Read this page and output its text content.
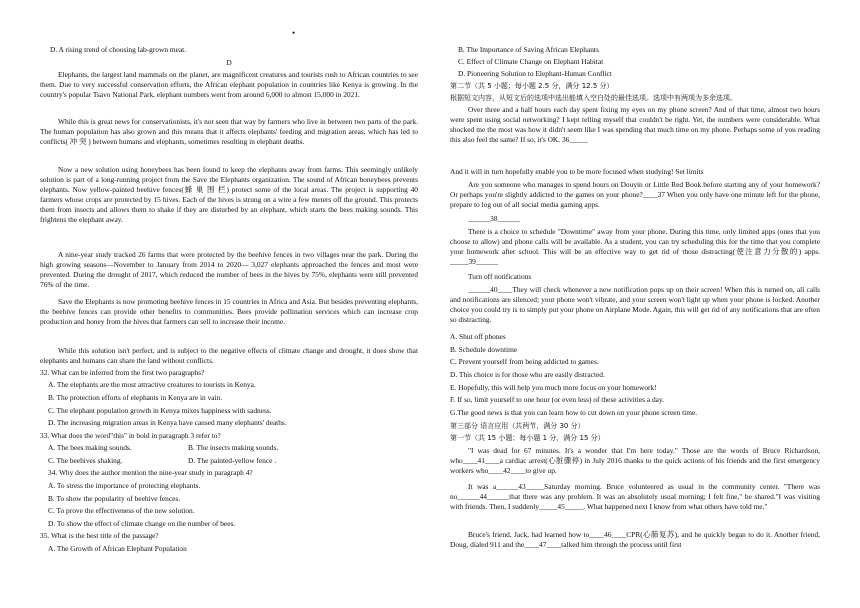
•
D. A rising trend of choosing lab-grown meat.
D
Elephants, the largest land mammals on the planet, are magnificent creatures and tourists rush to African countries to see them. Due to very successful conservation efforts, the African elephant population in countries like Kenya is growing. In the country's popular Tsavo National Park, elephant numbers went from around 6,000 to almost 15,000 in 2021.
While this is great news for conservationists, it's not seen that way by farmers who live in between two parts of the park. The human population has also grown and this means that it affects elephants' feeding and migration areas, which has led to conflicts( 冲 突 ) between humans and elephants, sometimes resulting in elephant deaths.
Now a new solution using honeybees has been found to keep the elephants away from farms. This seemingly unlikely solution is part of a long-running project from the Save the Elephants organization. The sound of African honeybees prevents elephants. Now yellow-painted beehive fences(蜂 巢 围 栏) protect some of the local areas. The project is supporting 40 farmers whose crops are protected by 15 hives. Each of the hives is strung on a wire a few meters off the ground. This protects them from insects and allows them to shake if they are disturbed by an elephant, which starts the bees making sounds. This frightens the elephant away.
A nine-year study tracked 26 farms that were protected by the beehive fences in two villages near the park. During the high growing seasons—November to January from 2014 to 2020— 3,027 elephants approached the fences and most were prevented. During the drought of 2017, which reduced the number of bees in the hives by 75%, elephants were still prevented 76% of the time.
Save the Elephants is now promoting beehive fences in 15 countries in Africa and Asia. But besides preventing elephants, the beehive fences can provide other benefits to communities. Bees provide pollination services which can increase crop production and honey from the hives that farmers can sell to increase their income.
While this solution isn't perfect, and is subject to the negative effects of climate change and drought, it does show that elephants and humans can share the land without conflicts.
32. What can be inferred from the first two paragraphs?
A. The elephants are the most attractive creatures to tourists in Kenya.
B. The protection efforts of elephants in Kenya are in vain.
C. The elephant population growth in Kenya mixes happiness with sadness.
D. The increasing migration areas in Kenya have caused many elephants' deaths.
33. What does the word"this" in bold in paragraph 3 refer to?
A. The bees making sounds.	B. The insects making sounds.
C. The beehives shaking.	D. The painted-yellow fence .
34. Why does the author mention the nine-year study in paragraph 4?
A. To stress the importance of protecting elephants.
B. To show the popularity of beehive fences.
C. To prove the effectiveness of the new solution.
D. To show the effect of climate change on the number of bees.
35. What is the best title of the passage?
A. The Growth of African Elephant Population
B. The Importance of Saving African Elephants
C. Effect of Climate Change on Elephant Habitat
D. Pioneering Solution to Elephant-Human Conflict
第二节（共 5 小题；每小题 2.5 分，满分 12.5 分）
根据短文内容，从短文后的选项中选出能填入空白处的最佳选项。选项中有两项为多余选项。
Over three and a half hours each day spent fixing my eyes on my phone screen? And of that time, almost two hours were spent using social networking? I kept telling myself that couldn't be right. Yet, the numbers were considerable. What shocked me the most was how it didn't seem like I was spending that much time on my phone. Perhaps some of you reading this also feel the same? If so, it's OK. 36_____
And it will in turn hopefully enable you to be more focused when studying! Set limits
Are you someone who manages to spend hours on Douyin or Little Red Book before starting any of your homework? Or perhaps you're slightly addicted to the games on your phone?____37 When you only have one minute left for the phone, prepare to log out of all social media gaming apps.
______38______
There is a choice to schedule "Downtime" away from your phone. During this time, only limited apps (ones that you choose to allow) and phone calls will be available. As a student, you can try scheduling this for the time that you complete your homework after school. This will be an effective way to get rid of those distracting(使注意力分散的) apps. _____39______
Turn off notifications
______40____They will check whenever a new notification pops up on their screen! When this is turned on, all calls and notifications are silenced; your phone won't vibrate, and your screen won't light up when your phone is locked. Another choice you could try is to simply put your phone on Airplane Mode. Again, this will get rid of any notifications that are often so distracting.
A. Shut off phones
B. Schedule downtime
C. Prevent yourself from being addicted to games.
D. This choice is for those who are easily distracted.
E. Hopefully, this will help you much more focus on your homework!
F. If so, limit yourself to one hour (or even less) of these activities a day.
G.The good news is that you can learn how to cut down on your phone screen time.
第三部分 语言应用（共两节，满分 30 分）
第一节（共 15 小题；每小题 1 分，满分 15 分）
"I was dead for 67 minutes. It's a wonder that I'm here today." Those are the words of Bruce Richardson, who____41____a cardiac arrest(心脏骤停) in July 2016 thanks to the quick actions of his friends and the first emergency workers who____42____to give up.
It was a______43_____Saturday morning. Bruce volunteered as usual in the community center. "There was no______44______that there was any problem. It was an absolutely usual morning; I felt fine," he shared."I was visiting with friends. Then, I suddenly_____45_____. What happened next I know from what others have told me."
Bruce's friend, Jack, had learned how to____46____CPR(心肺复苏), and he quickly began to do it. Another friend, Doug, dialed 911 and the____47____talked him through the process until first
